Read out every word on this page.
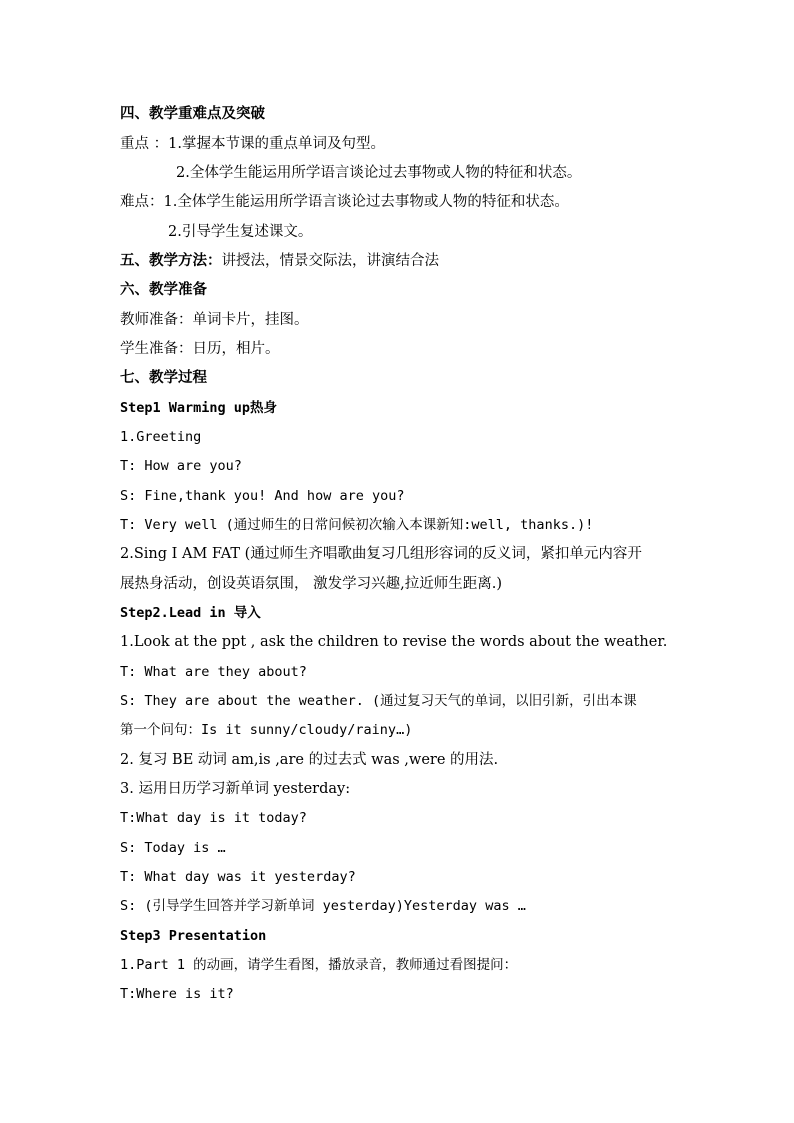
四、教学重难点及突破
重点 ：1.掌握本节课的重点单词及句型。
2.全体学生能运用所学语言谈论过去事物或人物的特征和状态。
难点：1.全体学生能运用所学语言谈论过去事物或人物的特征和状态。
2.引导学生复述课文。
五、教学方法：讲授法，情景交际法，讲演结合法
六、教学准备
教师准备：单词卡片，挂图。
学生准备：日历，相片。
七、教学过程
Step1 Warming up热身
1.Greeting
T: How are you?
S: Fine,thank you! And how are you?
T: Very well (通过师生的日常问候初次输入本课新知:well, thanks.)!
2.Sing I AM FAT (通过师生齐唱歌曲复习几组形容词的反义词，紧扣单元内容开
展热身活动，创设英语氛围， 激发学习兴趣,拉近师生距离.)
Step2.Lead in 导入
1.Look at the ppt , ask the children to revise the words about the weather.
T: What are they about?
S: They are about the weather. (通过复习天气的单词，以旧引新，引出本课
第一个问句：Is it sunny/cloudy/rainy…)
2. 复习 BE 动词 am,is ,are 的过去式 was ,were 的用法.
3. 运用日历学习新单词 yesterday:
T:What day is it today?
S: Today is …
T: What day was it yesterday?
S: (引导学生回答并学习新单词 yesterday)Yesterday was …
Step3 Presentation
1.Part 1 的动画，请学生看图，播放录音，教师通过看图提问：
T:Where is it?
